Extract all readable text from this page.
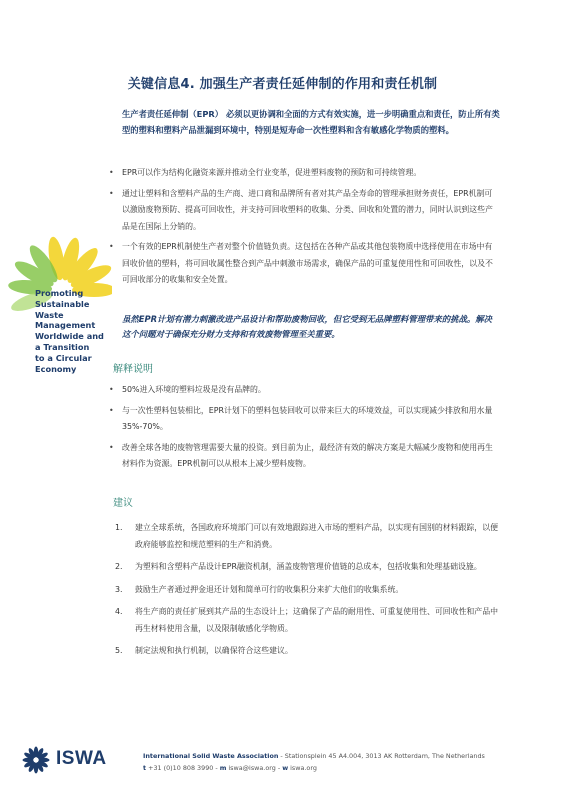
关键信息4. 加强生产者责任延伸制的作用和责任机制
生产者责任延伸制（EPR） 必须以更协调和全面的方式有效实施，进一步明确重点和责任，防止所有类型的塑料和塑料产品泄漏到环境中，特别是短寿命一次性塑料和含有敏感化学物质的塑料。
• EPR可以作为结构化融资来源并推动全行业变革，促进塑料废物的预防和可持续管理。
• 通过让塑料和含塑料产品的生产商、进口商和品牌所有者对其产品全寿命的管理承担财务责任，EPR机制可以激励废物预防、提高可回收性，并支持可回收塑料的收集、分类、回收和处置的潜力，同时认识到这些产品是在国际上分销的。
• 一个有效的EPR机制使生产者对整个价值链负责。这包括在各种产品或其他包装物质中选择使用在市场中有回收价值的塑料，将可回收属性整合到产品中刺激市场需求，确保产品的可重复使用性和可回收性，以及不可回收部分的收集和安全处置。
虽然EPR计划有潜力刺激改进产品设计和帮助废物回收，但它受到无品牌塑料管理带来的挑战。解决这个问题对于确保充分财力支持和有效废物管理至关重要。
解释说明
• 50%进入环境的塑料垃圾是没有品牌的。
• 与一次性塑料包装相比，EPR计划下的塑料包装回收可以带来巨大的环境效益，可以实现减少排放和用水量35%-70%。
• 改善全球各地的废物管理需要大量的投资。到目前为止，最经济有效的解决方案是大幅减少废物和使用再生材料作为资源。EPR机制可以从根本上减少塑料废物。
建议
1. 建立全球系统，各国政府环境部门可以有效地跟踪进入市场的塑料产品，以实现有国别的材料跟踪，以便政府能够监控和规范塑料的生产和消费。
2. 为塑料和含塑料产品设计EPR融资机制，涵盖废物管理价值链的总成本，包括收集和处理基础设施。
3. 鼓励生产者通过押金退还计划和简单可行的收集积分来扩大他们的收集系统。
4. 将生产商的责任扩展到其产品的生态设计上；这确保了产品的耐用性、可重复使用性、可回收性和产品中再生材料使用含量，以及限制敏感化学物质。
5. 制定法规和执行机制，以确保符合这些建议。
Promoting
Sustainable
Waste
Management
Worldwide and
a Transition
to a Circular
Economy
ISWA	International Solid Waste Association - Stationsplein 45 A4.004, 3013 AK Rotterdam, The Netherlands
t +31 (0)10 808 3990 - m iswa@iswa.org - w iswa.org
